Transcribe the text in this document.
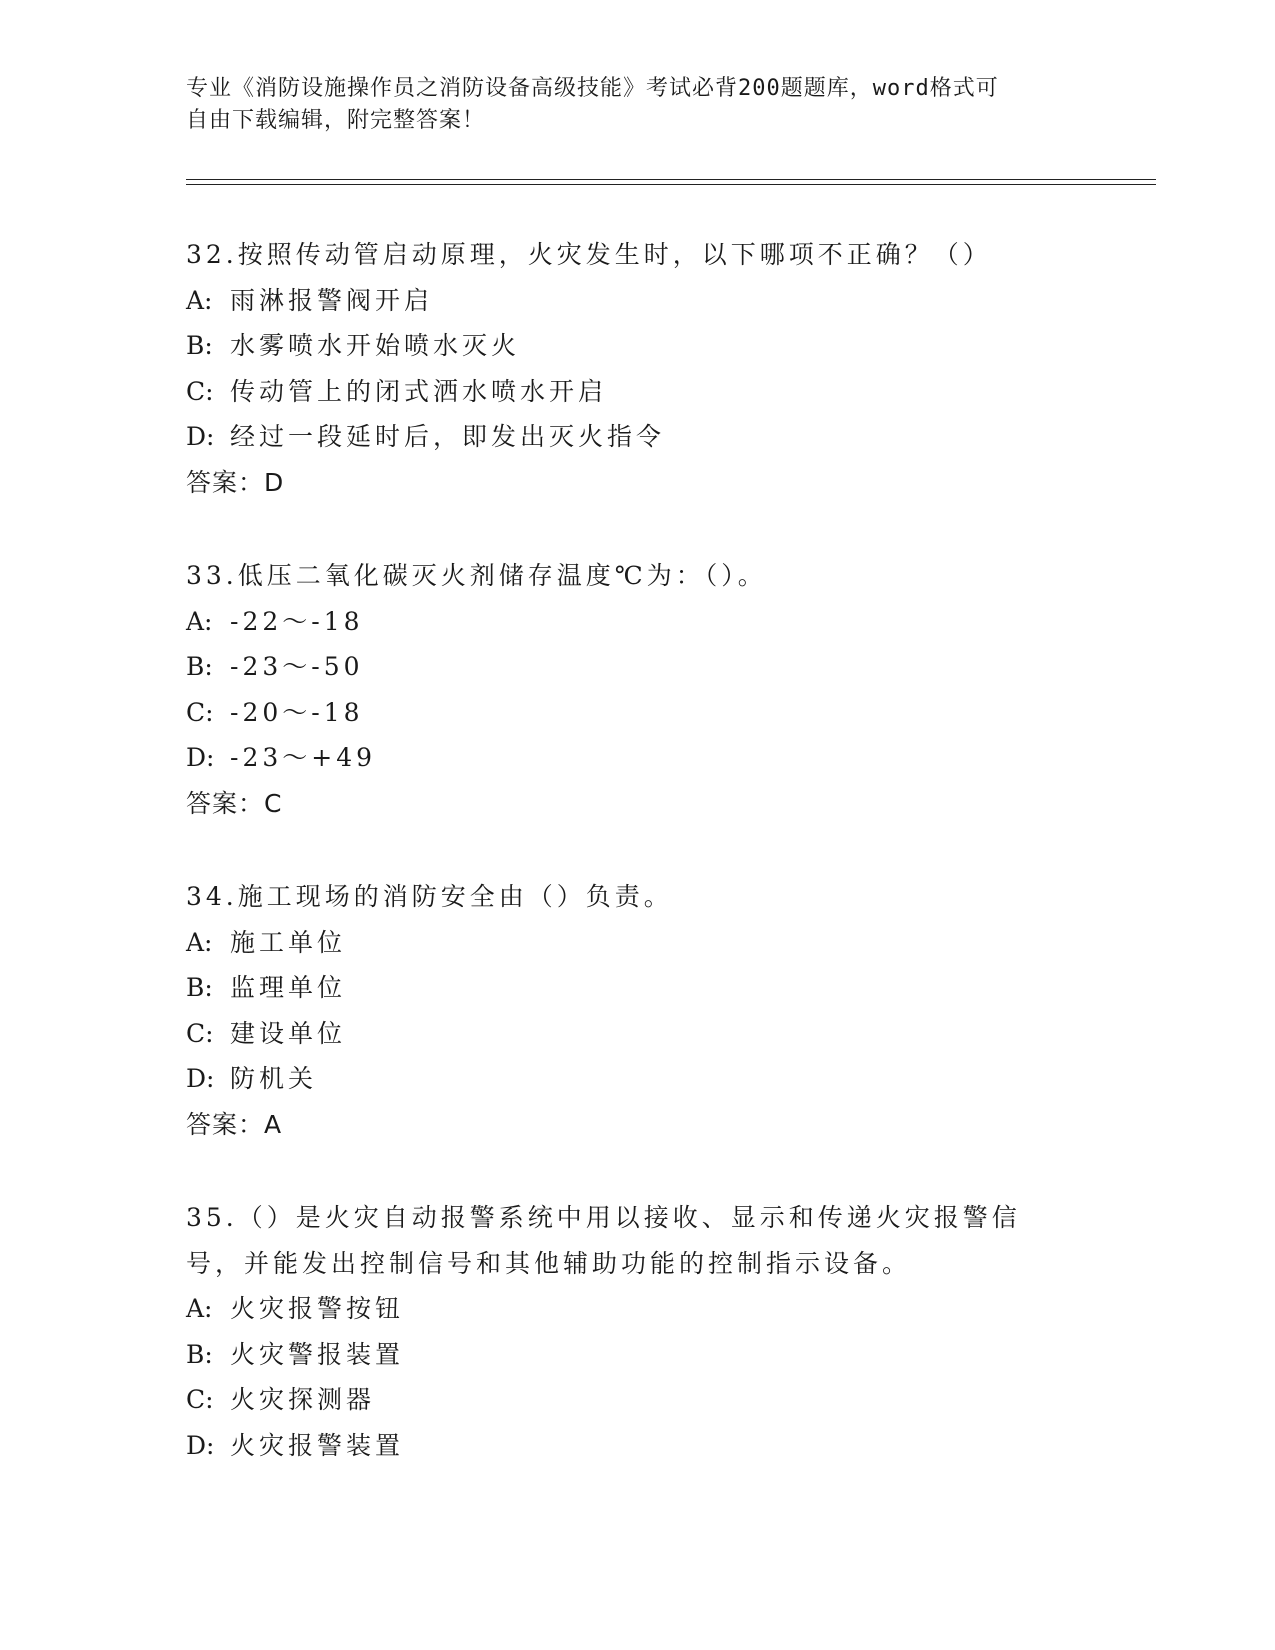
专业《消防设施操作员之消防设备高级技能》考试必背200题题库，word格式可
自由下载编辑，附完整答案！
32.按照传动管启动原理，火灾发生时，以下哪项不正确？（）
A: 雨淋报警阀开启
B: 水雾喷水开始喷水灭火
C: 传动管上的闭式洒水喷水开启
D: 经过一段延时后，即发出灭火指令
答案：D
33.低压二氧化碳灭火剂储存温度℃为：（）。
A: -22～-18
B: -23～-50
C: -20～-18
D: -23～+49
答案：C
34.施工现场的消防安全由（）负责。
A: 施工单位
B: 监理单位
C: 建设单位
D: 防机关
答案：A
35.（）是火灾自动报警系统中用以接收、显示和传递火灾报警信号，并能发出控制信号和其他辅助功能的控制指示设备。
A: 火灾报警按钮
B: 火灾警报装置
C: 火灾探测器
D: 火灾报警装置
